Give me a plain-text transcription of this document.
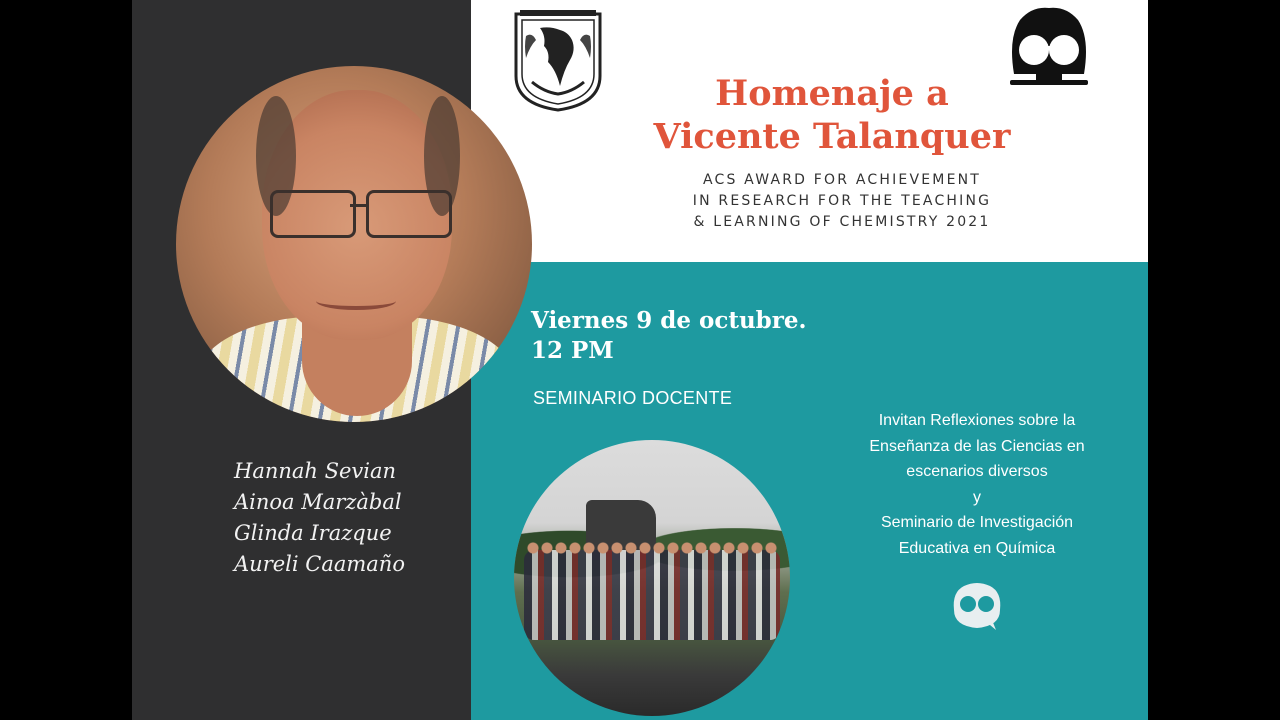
Hannah Sevian
Ainoa Marzàbal
Glinda Irazque
Aureli Caamaño
Homenaje a
Vicente Talanquer
ACS AWARD FOR ACHIEVEMENT
IN RESEARCH FOR THE TEACHING
& LEARNING OF CHEMISTRY 2021
Viernes 9 de octubre.
12 PM
SEMINARIO DOCENTE
Invitan Reflexiones sobre la
Enseñanza de las Ciencias en
escenarios diversos
y
Seminario de Investigación
Educativa en Química
